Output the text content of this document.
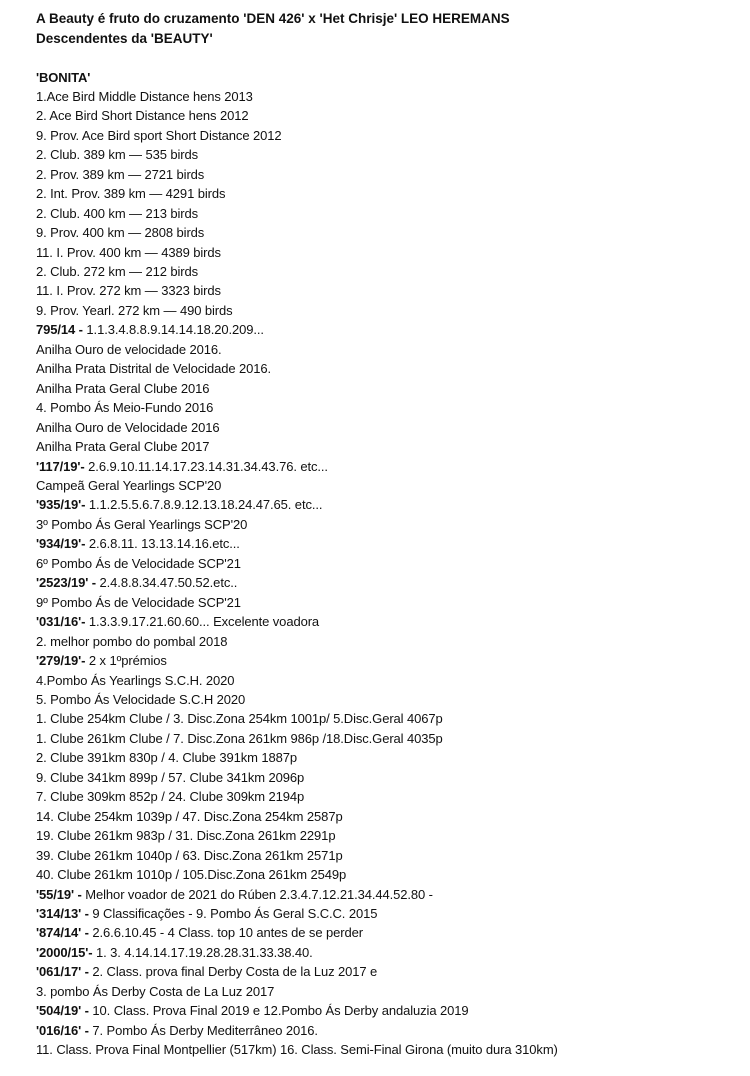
A Beauty é fruto do cruzamento 'DEN 426' x 'Het Chrisje' LEO HEREMANS
Descendentes da 'BEAUTY'
'BONITA'
1.Ace Bird Middle Distance hens 2013
2. Ace Bird Short Distance hens 2012
9. Prov. Ace Bird sport Short Distance 2012
2. Club. 389 km — 535 birds
2. Prov. 389 km — 2721 birds
2. Int. Prov. 389 km — 4291 birds
2. Club. 400 km — 213 birds
9. Prov. 400 km — 2808 birds
11. I. Prov. 400 km — 4389 birds
2. Club. 272 km — 212 birds
11. I. Prov. 272 km — 3323 birds
9. Prov. Yearl. 272 km — 490 birds
795/14 - 1.1.3.4.8.8.9.14.14.18.20.209...
Anilha Ouro de velocidade 2016.
Anilha Prata Distrital de Velocidade 2016.
Anilha Prata Geral Clube 2016
4. Pombo Ás Meio-Fundo 2016
Anilha Ouro de Velocidade 2016
Anilha Prata Geral Clube 2017
'117/19'- 2.6.9.10.11.14.17.23.14.31.34.43.76. etc...
Campeã Geral Yearlings SCP'20
'935/19'- 1.1.2.5.5.6.7.8.9.12.13.18.24.47.65. etc...
3º Pombo Ás Geral Yearlings SCP'20
'934/19'- 2.6.8.11. 13.13.14.16.etc...
6º Pombo Ás de Velocidade SCP'21
'2523/19' - 2.4.8.8.34.47.50.52.etc..
9º Pombo Ás de Velocidade SCP'21
'031/16'- 1.3.3.9.17.21.60.60... Excelente voadora
2. melhor pombo do pombal 2018
'279/19'- 2 x 1ºprémios
4.Pombo Ás Yearlings S.C.H. 2020
5. Pombo Ás Velocidade S.C.H 2020
1. Clube 254km Clube / 3. Disc.Zona 254km 1001p/ 5.Disc.Geral 4067p
1. Clube 261km Clube / 7. Disc.Zona 261km 986p /18.Disc.Geral 4035p
2. Clube 391km 830p / 4. Clube 391km 1887p
9. Clube 341km 899p / 57. Clube 341km 2096p
7. Clube 309km 852p / 24. Clube 309km 2194p
14. Clube 254km 1039p / 47. Disc.Zona 254km 2587p
19. Clube 261km 983p / 31. Disc.Zona 261km 2291p
39. Clube 261km 1040p / 63. Disc.Zona 261km 2571p
40. Clube 261km 1010p / 105.Disc.Zona 261km 2549p
'55/19' - Melhor voador de 2021 do Rúben 2.3.4.7.12.21.34.44.52.80 -
'314/13' - 9 Classificações - 9. Pombo Ás Geral S.C.C. 2015
'874/14' - 2.6.6.10.45 - 4 Class. top 10 antes de se perder
'2000/15'- 1. 3. 4.14.14.17.19.28.28.31.33.38.40.
'061/17' - 2. Class. prova final Derby Costa de la Luz 2017 e
3. pombo Ás Derby Costa de La Luz 2017
'504/19' - 10. Class. Prova Final 2019 e 12.Pombo Ás Derby andaluzia 2019
'016/16' - 7. Pombo Ás Derby Mediterrâneo 2016.
11. Class. Prova Final Montpellier (517km) 16. Class. Semi-Final Girona (muito dura 310km)
